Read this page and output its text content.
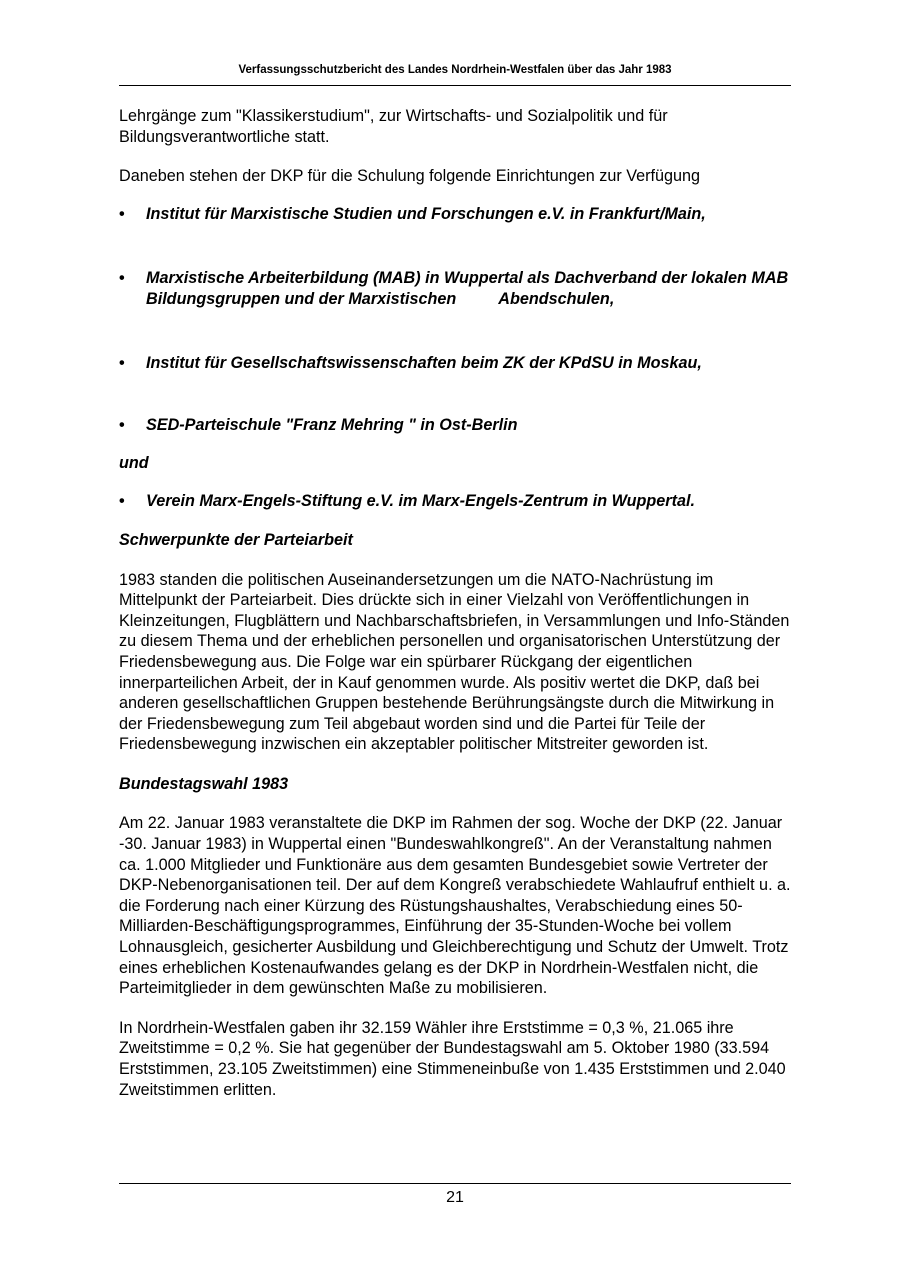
Verfassungsschutzbericht des Landes Nordrhein-Westfalen über das Jahr 1983

Lehrgänge zum "Klassikerstudium", zur Wirtschafts- und Sozialpolitik und für Bildungsverantwortliche statt.

Daneben stehen der DKP für die Schulung folgende Einrichtungen zur Verfügung

• Institut für Marxistische Studien und Forschungen e.V. in Frankfurt/Main,
• Marxistische Arbeiterbildung (MAB) in Wuppertal als Dachverband der lokalen MAB Bildungsgruppen und der Marxistischen	Abendschulen,
• Institut für Gesellschaftswissenschaften beim ZK der KPdSU in Moskau,
• SED-Parteischule "Franz Mehring " in Ost-Berlin
und
• Verein Marx-Engels-Stiftung e.V. im Marx-Engels-Zentrum in Wuppertal.

Schwerpunkte der Parteiarbeit

1983 standen die politischen Auseinandersetzungen um die NATO-Nachrüstung im Mittelpunkt der Parteiarbeit. Dies drückte sich in einer Vielzahl von Veröffentlichungen in Kleinzeitungen, Flugblättern und Nachbarschaftsbriefen, in Versammlungen und Info-Ständen zu diesem Thema und der erheblichen personellen und organisatorischen Unterstützung der Friedensbewegung aus. Die Folge war ein spürbarer Rückgang der eigentlichen innerparteilichen Arbeit, der in Kauf genommen wurde. Als positiv wertet die DKP, daß bei anderen gesellschaftlichen Gruppen bestehende Berührungsängste durch die Mitwirkung in der Friedensbewegung zum Teil abgebaut worden sind und die Partei für Teile der Friedensbewegung inzwischen ein akzeptabler politischer Mitstreiter geworden ist.

Bundestagswahl 1983

Am 22. Januar 1983 veranstaltete die DKP im Rahmen der sog. Woche der DKP (22. Januar -30. Januar 1983) in Wuppertal einen "Bundeswahlkongreß". An der Veranstaltung nahmen ca. 1.000 Mitglieder und Funktionäre aus dem gesamten Bundesgebiet sowie Vertreter der DKP-Nebenorganisationen teil. Der auf dem Kongreß verabschiedete Wahlaufruf enthielt u. a. die Forderung nach einer Kürzung des Rüstungshaushaltes, Verabschiedung eines 50-Milliarden-Beschäftigungsprogrammes, Einführung der 35-Stunden-Woche bei vollem Lohnausgleich, gesicherter Ausbildung und Gleichberechtigung und Schutz der Umwelt. Trotz eines erheblichen Kostenaufwandes gelang es der DKP in Nordrhein-Westfalen nicht, die Parteimitglieder in dem gewünschten Maße zu mobilisieren.

In Nordrhein-Westfalen gaben ihr 32.159 Wähler ihre Erststimme = 0,3 %, 21.065 ihre Zweitstimme = 0,2 %. Sie hat gegenüber der Bundestagswahl am 5. Oktober 1980 (33.594 Erststimmen, 23.105 Zweitstimmen) eine Stimmeneinbuße von 1.435 Erststimmen und 2.040 Zweitstimmen erlitten.

21
